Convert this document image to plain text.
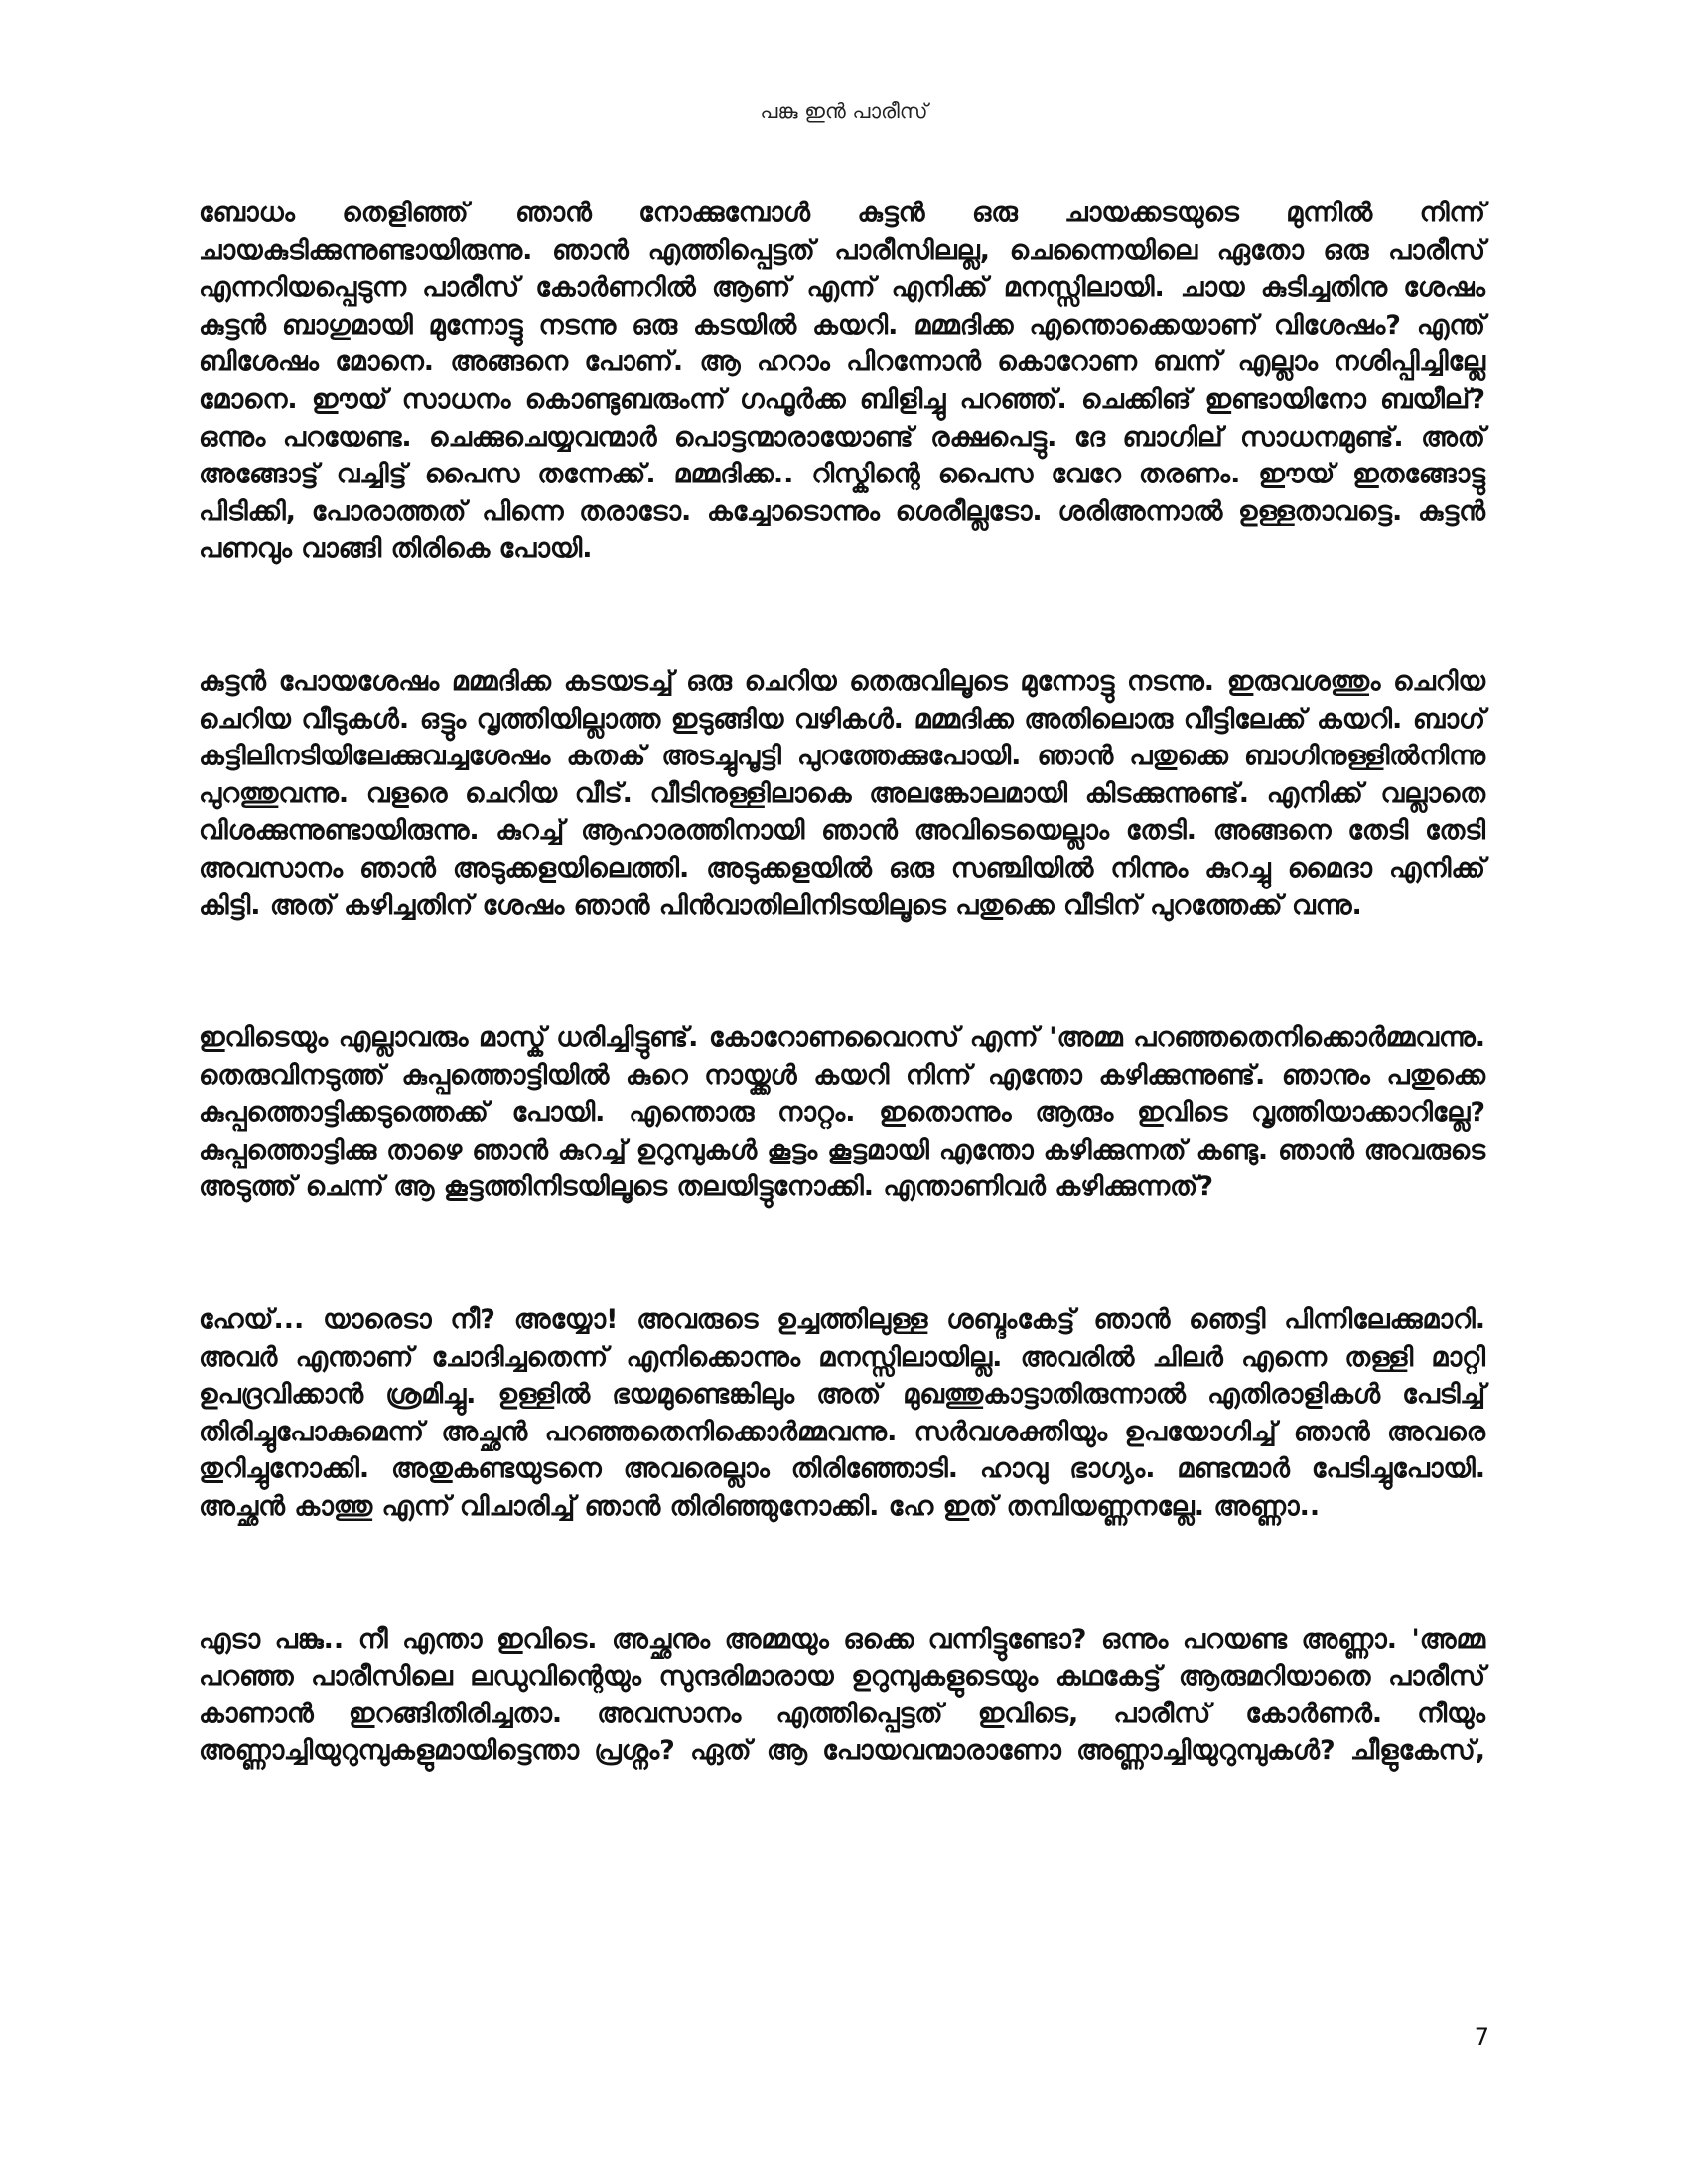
പങ്കു ഇൻ പാരീസ്

ബോധം തെളിഞ്ഞ് ഞാൻ നോക്കുമ്പോൾ കുട്ടൻ ഒരു ചായക്കടയുടെ മുന്നിൽ നിന്ന് ചായകുടിക്കുന്നുണ്ടായിരുന്നു. ഞാൻ എത്തിപ്പെട്ടത് പാരീസിലല്ല, ചെന്നൈയിലെ ഏതോ ഒരു പാരീസ് എന്നറിയപ്പെടുന്ന പാരീസ് കോർണറിൽ ആണ് എന്ന് എനിക്ക് മനസ്സിലായി. ചായ കുടിച്ചതിനു ശേഷം കുട്ടൻ ബാഗുമായി മുന്നോട്ടു നടന്നു ഒരു കടയിൽ കയറി. മമ്മദിക്ക എന്തൊക്കെയാണ് വിശേഷം? എന്ത് ബിശേഷം മോനെ. അങ്ങനെ പോണ്. ആ ഹറാം പിറന്നോൻ കൊറോണ ബന്ന് എല്ലാം നശിപ്പിച്ചില്ലേ മോനെ. ഈയ് സാധനം കൊണ്ടുബരുംന്ന് ഗഫൂർക്ക ബിളിച്ചു പറഞ്ഞ്. ചെക്കിങ് ഇണ്ടായിനോ ബയീല്? ഒന്നും പറയേണ്ട. ചെക്കുചെയ്യവന്മാർ പൊട്ടന്മാരായോണ്ട് രക്ഷപെട്ടു. ദേ ബാഗില് സാധനമുണ്ട്. അത് അങ്ങോട്ട് വച്ചിട്ട് പൈസ തന്നേക്ക്. മമ്മദിക്ക.. റിസ്കിന്റെ പൈസ വേറേ തരണം. ഈയ് ഇതങ്ങോട്ടു പിടിക്കി, പോരാത്തത് പിന്നെ തരാടോ. കച്ചോടൊന്നും ശെരീല്ലടോ. ശരിഅന്നാൽ ഉള്ളതാവട്ടെ. കുട്ടൻ പണവും വാങ്ങി തിരികെ പോയി.

കുട്ടൻ പോയശേഷം മമ്മദിക്ക കടയടച്ച് ഒരു ചെറിയ തെരുവിലൂടെ മുന്നോട്ടു നടന്നു. ഇരുവശത്തും ചെറിയ ചെറിയ വീടുകൾ. ഒട്ടും വൃത്തിയില്ലാത്ത ഇടുങ്ങിയ വഴികൾ. മമ്മദിക്ക അതിലൊരു വീട്ടിലേക്ക് കയറി. ബാഗ് കട്ടിലിനടിയിലേക്കുവച്ചശേഷം കതക് അടച്ചുപൂട്ടി പുറത്തേക്കുപോയി. ഞാൻ പതുക്കെ ബാഗിനുള്ളിൽനിന്നു പുറത്തുവന്നു. വളരെ ചെറിയ വീട്. വീടിനുള്ളിലാകെ അലങ്കോലമായി കിടക്കുന്നുണ്ട്. എനിക്ക് വല്ലാതെ വിശക്കുന്നുണ്ടായിരുന്നു. കുറച്ച് ആഹാരത്തിനായി ഞാൻ അവിടെയെല്ലാം തേടി. അങ്ങനെ തേടി തേടി അവസാനം ഞാൻ അടുക്കളയിലെത്തി. അടുക്കളയിൽ ഒരു സഞ്ചിയിൽ നിന്നും കുറച്ചു മൈദാ എനിക്ക് കിട്ടി. അത് കഴിച്ചതിന് ശേഷം ഞാൻ പിൻവാതിലിനിടയിലൂടെ പതുക്കെ വീടിന് പുറത്തേക്ക് വന്നു.

ഇവിടെയും എല്ലാവരും മാസ്ക് ധരിച്ചിട്ടുണ്ട്. കോറോണവൈറസ് എന്ന് 'അമ്മ പറഞ്ഞതെനിക്കൊർമ്മവന്നു. തെരുവിനടുത്ത് കുപ്പത്തൊട്ടിയിൽ കുറെ നായ്ക്കൾ കയറി നിന്ന് എന്തോ കഴിക്കുന്നുണ്ട്. ഞാനും പതുക്കെ കുപ്പത്തൊട്ടിക്കടുത്തെക്ക് പോയി. എന്തൊരു നാറ്റം. ഇതൊന്നും ആരും ഇവിടെ വൃത്തിയാക്കാറില്ലേ? കുപ്പത്തൊട്ടിക്കു താഴെ ഞാൻ കുറച്ച് ഉറുമ്പുകൾ കൂട്ടം കൂട്ടമായി എന്തോ കഴിക്കുന്നത് കണ്ടു. ഞാൻ അവരുടെ അടുത്ത് ചെന്ന് ആ കൂട്ടത്തിനിടയിലൂടെ തലയിട്ടുനോക്കി. എന്താണിവർ കഴിക്കുന്നത്?

ഹേയ്... യാരെടാ നീ? അയ്യോ! അവരുടെ ഉച്ചത്തിലുള്ള ശബ്ദംകേട്ട് ഞാൻ ഞെട്ടി പിന്നിലേക്കുമാറി. അവർ എന്താണ് ചോദിച്ചതെന്ന് എനിക്കൊന്നും മനസ്സിലായില്ല. അവരിൽ ചിലർ എന്നെ തള്ളി മാറ്റി ഉപദ്രവിക്കാൻ ശ്രമിച്ചു. ഉള്ളിൽ ഭയമുണ്ടെങ്കിലും അത് മുഖത്തുകാട്ടാതിരുന്നാൽ എതിരാളികൾ പേടിച്ച് തിരിച്ചുപോകുമെന്ന് അച്ഛൻ പറഞ്ഞതെനിക്കൊർമ്മവന്നു. സർവശക്തിയും ഉപയോഗിച്ച് ഞാൻ അവരെ തുറിച്ചുനോക്കി. അതുകണ്ടയുടനെ അവരെല്ലാം തിരിഞ്ഞോടി. ഹാവു ഭാഗ്യം. മണ്ടന്മാർ പേടിച്ചുപോയി. അച്ഛൻ കാത്തു എന്ന് വിചാരിച്ച് ഞാൻ തിരിഞ്ഞുനോക്കി. ഹേ ഇത് തമ്പിയണ്ണനല്ലേ. അണ്ണാ..

എടാ പങ്കു.. നീ എന്താ ഇവിടെ. അച്ഛനും അമ്മയും ഒക്കെ വന്നിട്ടുണ്ടോ? ഒന്നും പറയണ്ട അണ്ണാ. 'അമ്മ പറഞ്ഞ പാരീസിലെ ലഡുവിന്റെയും സുന്ദരിമാരായ ഉറുമ്പുകളുടെയും കഥകേട്ട് ആരുമറിയാതെ പാരീസ് കാണാൻ ഇറങ്ങിതിരിച്ചതാ. അവസാനം എത്തിപ്പെട്ടത് ഇവിടെ, പാരീസ് കോർണർ. നീയും അണ്ണാച്ചിയുറുമ്പുകളുമായിട്ടെന്താ പ്രശ്നം? ഏത് ആ പോയവന്മാരാണോ അണ്ണാച്ചിയുറുമ്പുകൾ? ചീളുകേസ്,

7
